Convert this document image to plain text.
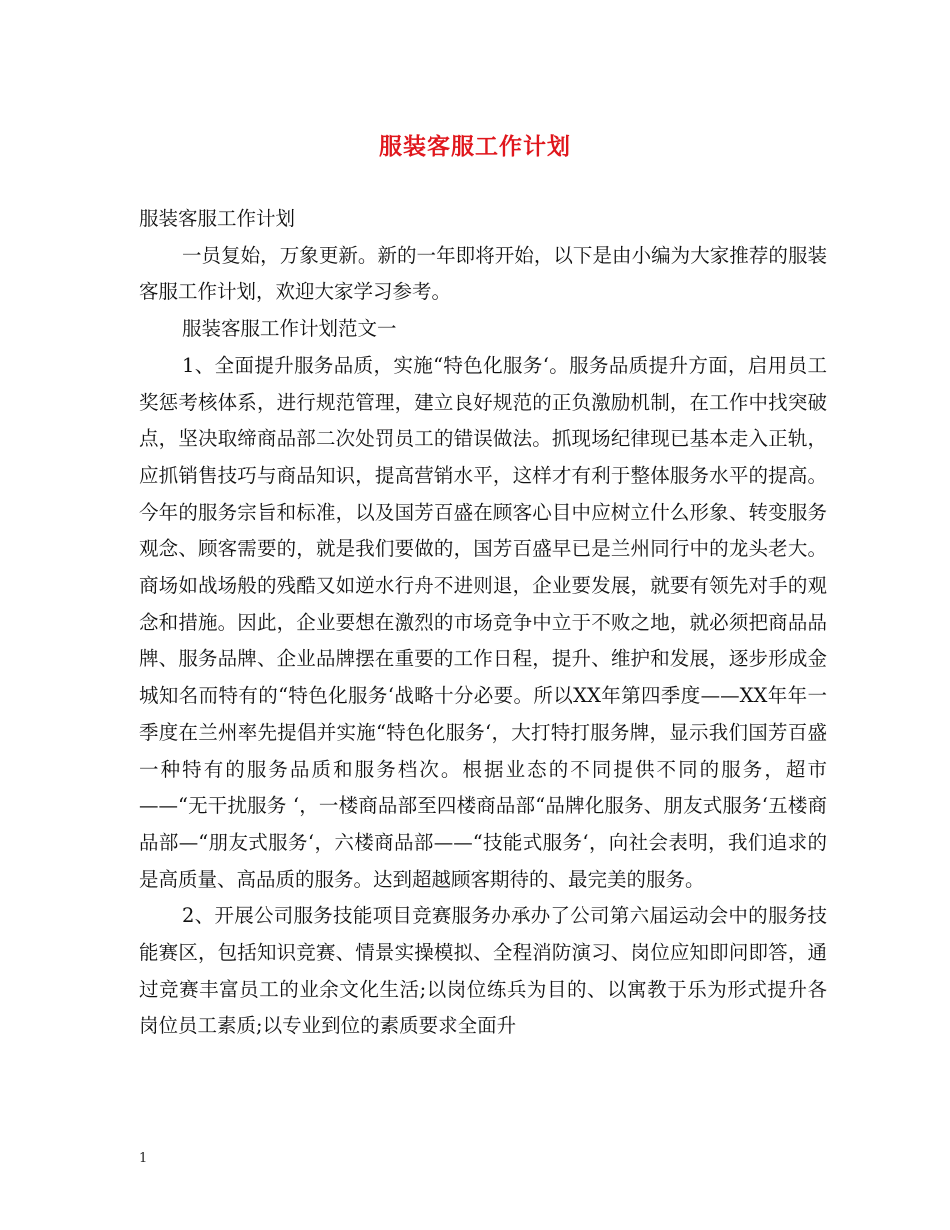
服装客服工作计划

服装客服工作计划

一员复始，万象更新。新的一年即将开始，以下是由小编为大家推荐的服装客服工作计划，欢迎大家学习参考。

服装客服工作计划范文一

1、全面提升服务品质，实施“特色化服务‘。服务品质提升方面，启用员工奖惩考核体系，进行规范管理，建立良好规范的正负激励机制，在工作中找突破点，坚决取缔商品部二次处罚员工的错误做法。抓现场纪律现已基本走入正轨，应抓销售技巧与商品知识，提高营销水平，这样才有利于整体服务水平的提高。今年的服务宗旨和标准，以及国芳百盛在顾客心目中应树立什么形象、转变服务观念、顾客需要的，就是我们要做的，国芳百盛早已是兰州同行中的龙头老大。商场如战场般的残酷又如逆水行舟不进则退，企业要发展，就要有领先对手的观念和措施。因此，企业要想在激烈的市场竞争中立于不败之地，就必须把商品品牌、服务品牌、企业品牌摆在重要的工作日程，提升、维护和发展，逐步形成金城知名而特有的“特色化服务‘战略十分必要。所以XX年第四季度——XX年年一季度在兰州率先提倡并实施“特色化服务‘，大打特打服务牌，显示我们国芳百盛一种特有的服务品质和服务档次。根据业态的不同提供不同的服务，超市——“无干扰服务 ‘，一楼商品部至四楼商品部“品牌化服务、朋友式服务‘五楼商品部—“朋友式服务‘，六楼商品部——“技能式服务‘，向社会表明，我们追求的是高质量、高品质的服务。达到超越顾客期待的、最完美的服务。

2、开展公司服务技能项目竞赛服务办承办了公司第六届运动会中的服务技能赛区，包括知识竞赛、情景实操模拟、全程消防演习、岗位应知即问即答，通过竞赛丰富员工的业余文化生活;以岗位练兵为目的、以寓教于乐为形式提升各岗位员工素质;以专业到位的素质要求全面升

1
